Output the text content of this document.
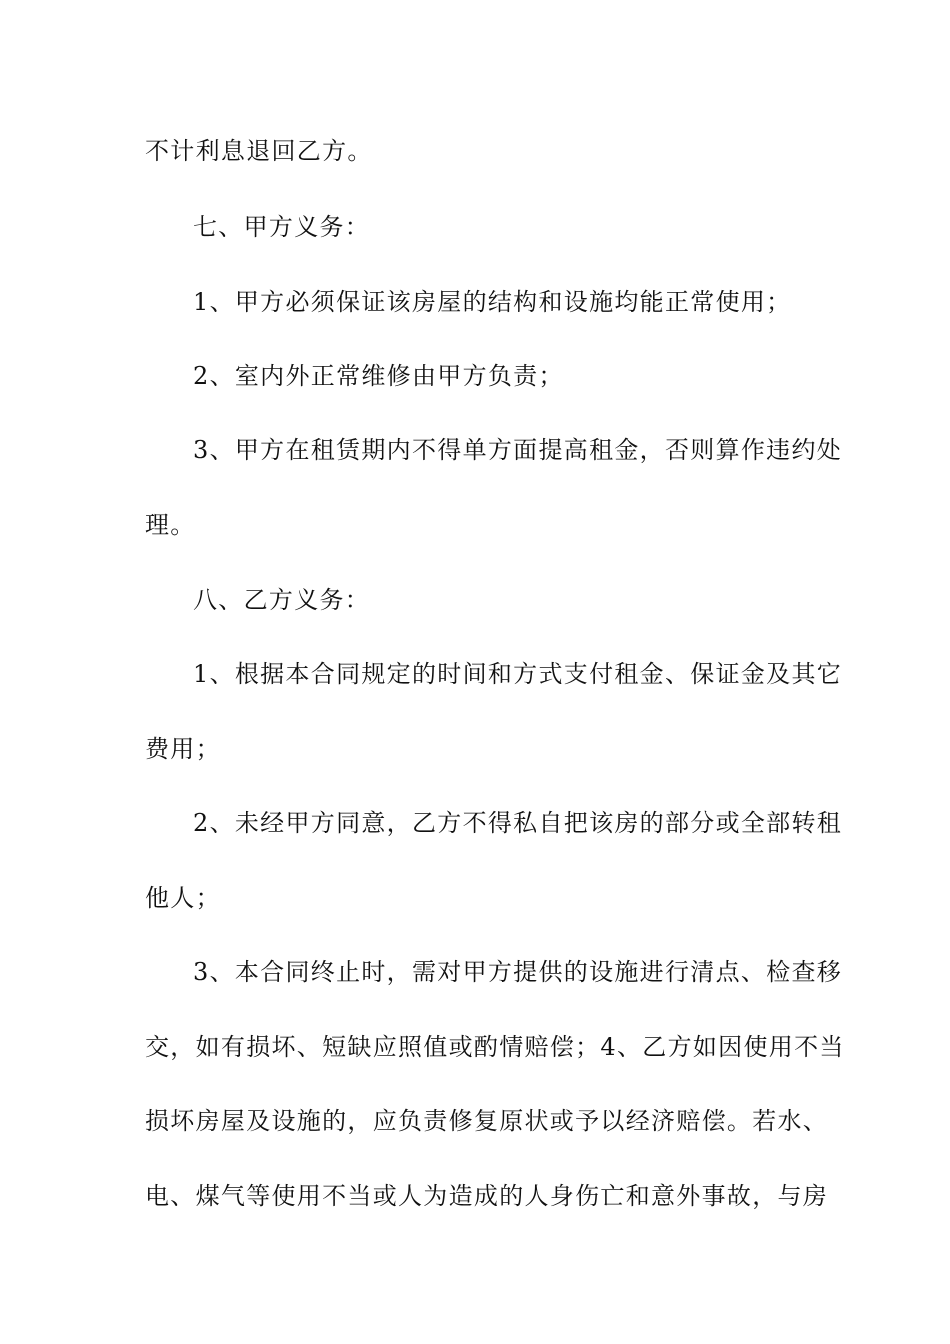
不计利息退回乙方。
七、甲方义务：
1、甲方必须保证该房屋的结构和设施均能正常使用；
2、室内外正常维修由甲方负责；
3、甲方在租赁期内不得单方面提高租金，否则算作违约处
理。
八、乙方义务：
1、根据本合同规定的时间和方式支付租金、保证金及其它
费用；
2、未经甲方同意，乙方不得私自把该房的部分或全部转租
他人；
3、本合同终止时，需对甲方提供的设施进行清点、检查移
交，如有损坏、短缺应照值或酌情赔偿；4、乙方如因使用不当
损坏房屋及设施的，应负责修复原状或予以经济赔偿。若水、
电、煤气等使用不当或人为造成的人身伤亡和意外事故，与房
